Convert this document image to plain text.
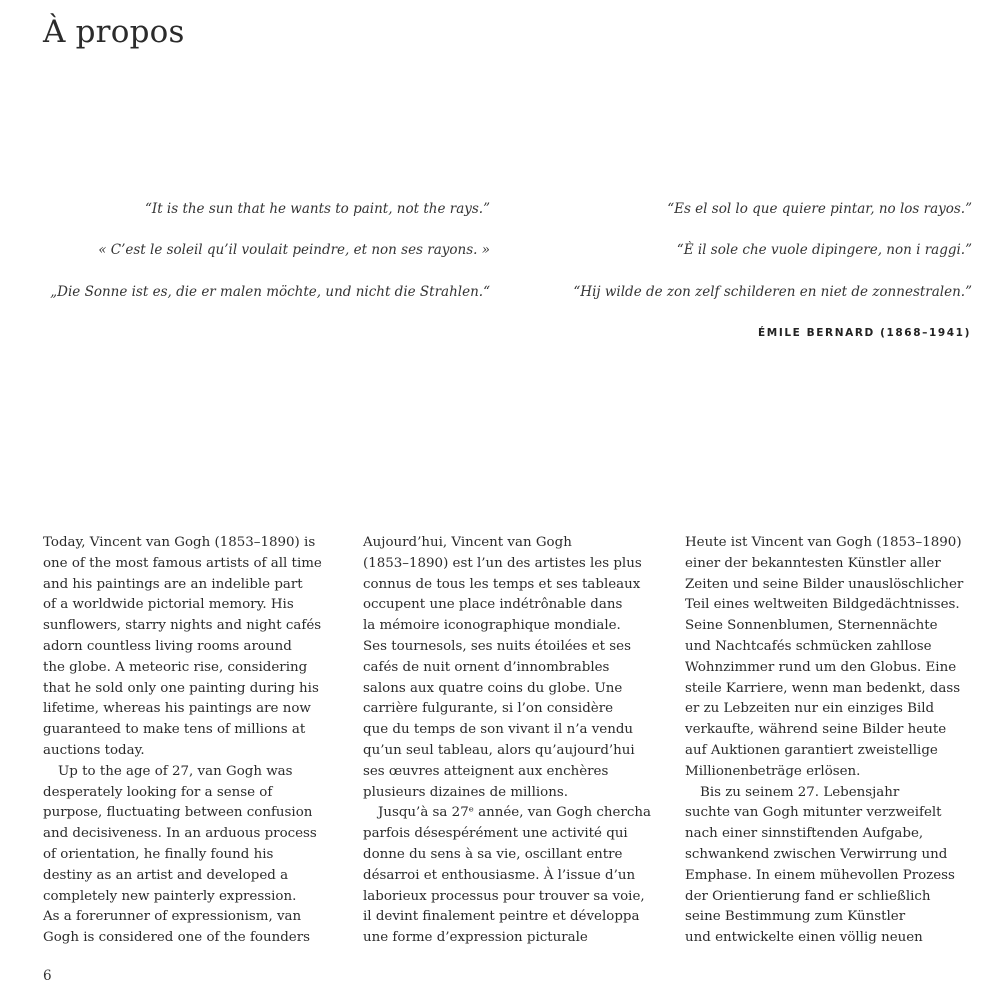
À propos

“It is the sun that he wants to paint, not the rays.”

« C’est le soleil qu’il voulait peindre, et non ses rayons. »

„Die Sonne ist es, die er malen möchte, und nicht die Strahlen.“

“Es el sol lo que quiere pintar, no los rayos.”

“È il sole che vuole dipingere, non i raggi.”

“Hij wilde de zon zelf schilderen en niet de zonnestralen.”

ÉMILE BERNARD (1868–1941)

Today, Vincent van Gogh (1853–1890) is
one of the most famous artists of all time
and his paintings are an indelible part
of a worldwide pictorial memory. His
sunflowers, starry nights and night cafés
adorn countless living rooms around
the globe. A meteoric rise, considering
that he sold only one painting during his
lifetime, whereas his paintings are now
guaranteed to make tens of millions at
auctions today.
Up to the age of 27, van Gogh was
desperately looking for a sense of
purpose, fluctuating between confusion
and decisiveness. In an arduous process
of orientation, he finally found his
destiny as an artist and developed a
completely new painterly expression.
As a forerunner of expressionism, van
Gogh is considered one of the founders
Aujourd’hui, Vincent van Gogh
(1853–1890) est l’un des artistes les plus
connus de tous les temps et ses tableaux
occupent une place indétrônable dans
la mémoire iconographique mondiale.
Ses tournesols, ses nuits étoilées et ses
cafés de nuit ornent d’innombrables
salons aux quatre coins du globe. Une
carrière fulgurante, si l’on considère
que du temps de son vivant il n’a vendu
qu’un seul tableau, alors qu’aujourd’hui
ses œuvres atteignent aux enchères
plusieurs dizaines de millions.
Jusqu’à sa 27ᵉ année, van Gogh chercha
parfois désespérément une activité qui
donne du sens à sa vie, oscillant entre
désarroi et enthousiasme. À l’issue d’un
laborieux processus pour trouver sa voie,
il devint finalement peintre et développa
une forme d’expression picturale
Heute ist Vincent van Gogh (1853–1890)
einer der bekanntesten Künstler aller
Zeiten und seine Bilder unauslöschlicher
Teil eines weltweiten Bildgedächtnisses.
Seine Sonnenblumen, Sternennächte
und Nachtcafés schmücken zahllose
Wohnzimmer rund um den Globus. Eine
steile Karriere, wenn man bedenkt, dass
er zu Lebzeiten nur ein einziges Bild
verkaufte, während seine Bilder heute
auf Auktionen garantiert zweistellige
Millionenbeträge erlösen.
Bis zu seinem 27. Lebensjahr
suchte van Gogh mitunter verzweifelt
nach einer sinnstiftenden Aufgabe,
schwankend zwischen Verwirrung und
Emphase. In einem mühevollen Prozess
der Orientierung fand er schließlich
seine Bestimmung zum Künstler
und entwickelte einen völlig neuen

6
